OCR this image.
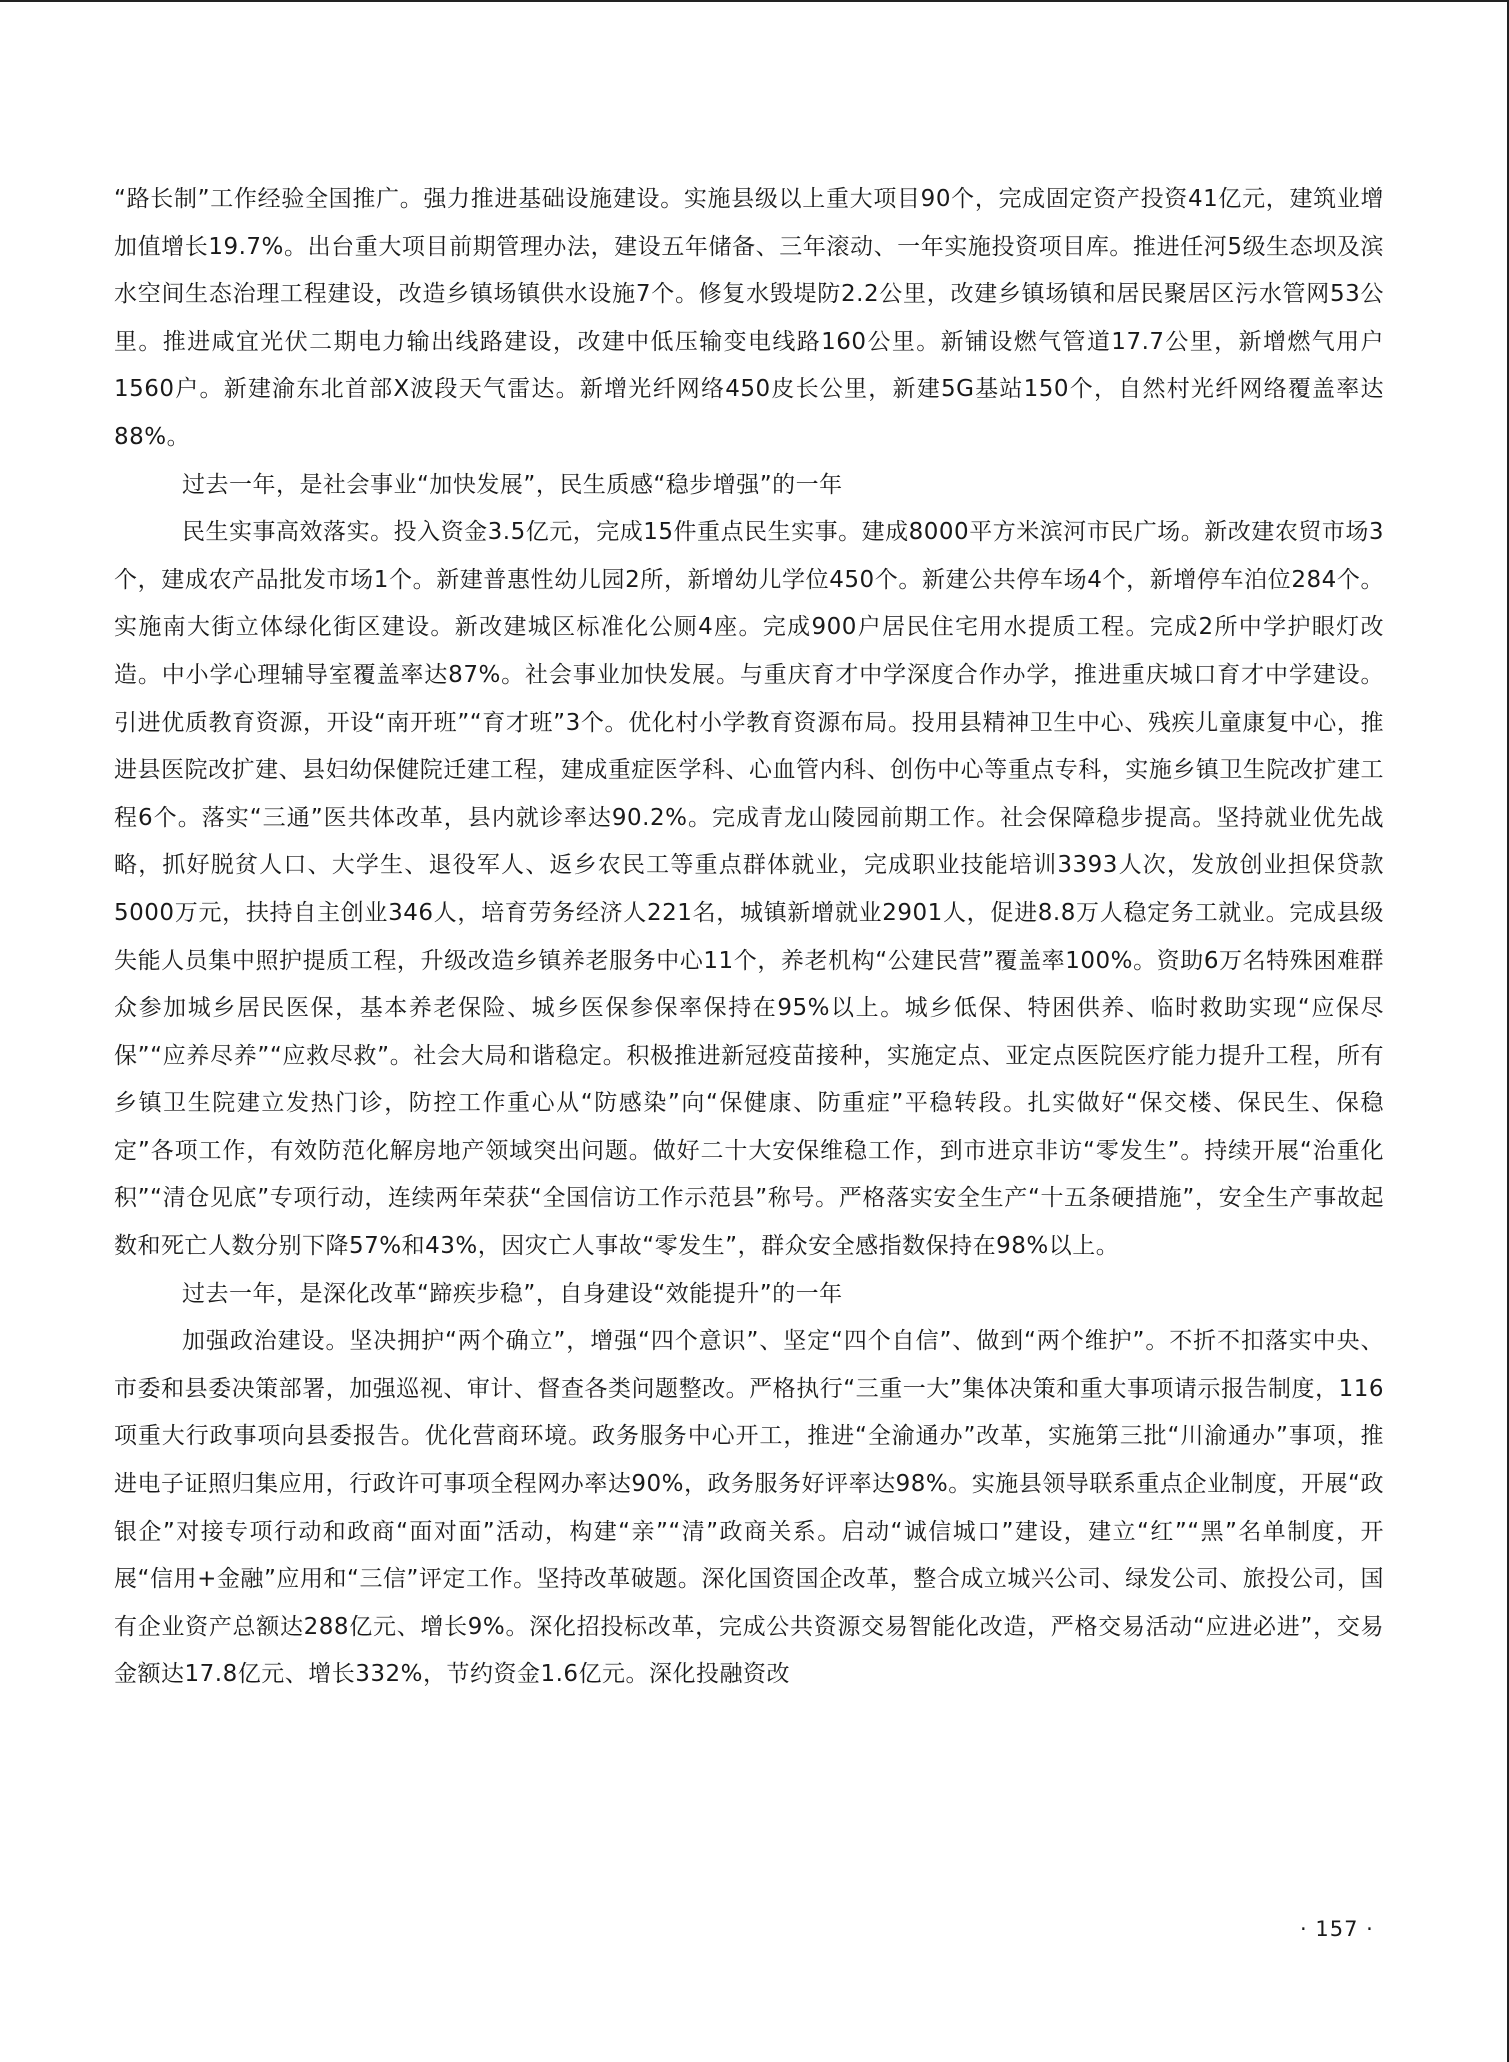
“路长制”工作经验全国推广。强力推进基础设施建设。实施县级以上重大项目90个，完成固定资产投资41亿元，建筑业增加值增长19.7%。出台重大项目前期管理办法，建设五年储备、三年滚动、一年实施投资项目库。推进任河5级生态坝及滨水空间生态治理工程建设，改造乡镇场镇供水设施7个。修复水毁堤防2.2公里，改建乡镇场镇和居民聚居区污水管网53公里。推进咸宜光伏二期电力输出线路建设，改建中低压输变电线路160公里。新铺设燃气管道17.7公里，新增燃气用户1560户。新建渝东北首部X波段天气雷达。新增光纤网络450皮长公里，新建5G基站150个，自然村光纤网络覆盖率达88%。

过去一年，是社会事业“加快发展”，民生质感“稳步增强”的一年

民生实事高效落实。投入资金3.5亿元，完成15件重点民生实事。建成8000平方米滨河市民广场。新改建农贸市场3个，建成农产品批发市场1个。新建普惠性幼儿园2所，新增幼儿学位450个。新建公共停车场4个，新增停车泊位284个。实施南大街立体绿化街区建设。新改建城区标准化公厕4座。完成900户居民住宅用水提质工程。完成2所中学护眼灯改造。中小学心理辅导室覆盖率达87%。社会事业加快发展。与重庆育才中学深度合作办学，推进重庆城口育才中学建设。引进优质教育资源，开设“南开班”“育才班”3个。优化村小学教育资源布局。投用县精神卫生中心、残疾儿童康复中心，推进县医院改扩建、县妇幼保健院迁建工程，建成重症医学科、心血管内科、创伤中心等重点专科，实施乡镇卫生院改扩建工程6个。落实“三通”医共体改革，县内就诊率达90.2%。完成青龙山陵园前期工作。社会保障稳步提高。坚持就业优先战略，抓好脱贫人口、大学生、退役军人、返乡农民工等重点群体就业，完成职业技能培训3393人次，发放创业担保贷款5000万元，扶持自主创业346人，培育劳务经济人221名，城镇新增就业2901人，促进8.8万人稳定务工就业。完成县级失能人员集中照护提质工程，升级改造乡镇养老服务中心11个，养老机构“公建民营”覆盖率100%。资助6万名特殊困难群众参加城乡居民医保，基本养老保险、城乡医保参保率保持在95%以上。城乡低保、特困供养、临时救助实现“应保尽保”“应养尽养”“应救尽救”。社会大局和谐稳定。积极推进新冠疫苗接种，实施定点、亚定点医院医疗能力提升工程，所有乡镇卫生院建立发热门诊，防控工作重心从“防感染”向“保健康、防重症”平稳转段。扎实做好“保交楼、保民生、保稳定”各项工作，有效防范化解房地产领域突出问题。做好二十大安保维稳工作，到市进京非访“零发生”。持续开展“治重化积”“清仓见底”专项行动，连续两年荣获“全国信访工作示范县”称号。严格落实安全生产“十五条硬措施”，安全生产事故起数和死亡人数分别下降57%和43%，因灾亡人事故“零发生”，群众安全感指数保持在98%以上。

过去一年，是深化改革“蹄疾步稳”，自身建设“效能提升”的一年

加强政治建设。坚决拥护“两个确立”，增强“四个意识”、坚定“四个自信”、做到“两个维护”。不折不扣落实中央、市委和县委决策部署，加强巡视、审计、督查各类问题整改。严格执行“三重一大”集体决策和重大事项请示报告制度，116项重大行政事项向县委报告。优化营商环境。政务服务中心开工，推进“全渝通办”改革，实施第三批“川渝通办”事项，推进电子证照归集应用，行政许可事项全程网办率达90%，政务服务好评率达98%。实施县领导联系重点企业制度，开展“政银企”对接专项行动和政商“面对面”活动，构建“亲”“清”政商关系。启动“诚信城口”建设，建立“红”“黑”名单制度，开展“信用+金融”应用和“三信”评定工作。坚持改革破题。深化国资国企改革，整合成立城兴公司、绿发公司、旅投公司，国有企业资产总额达288亿元、增长9%。深化招投标改革，完成公共资源交易智能化改造，严格交易活动“应进必进”，交易金额达17.8亿元、增长332%，节约资金1.6亿元。深化投融资改

· 157 ·
